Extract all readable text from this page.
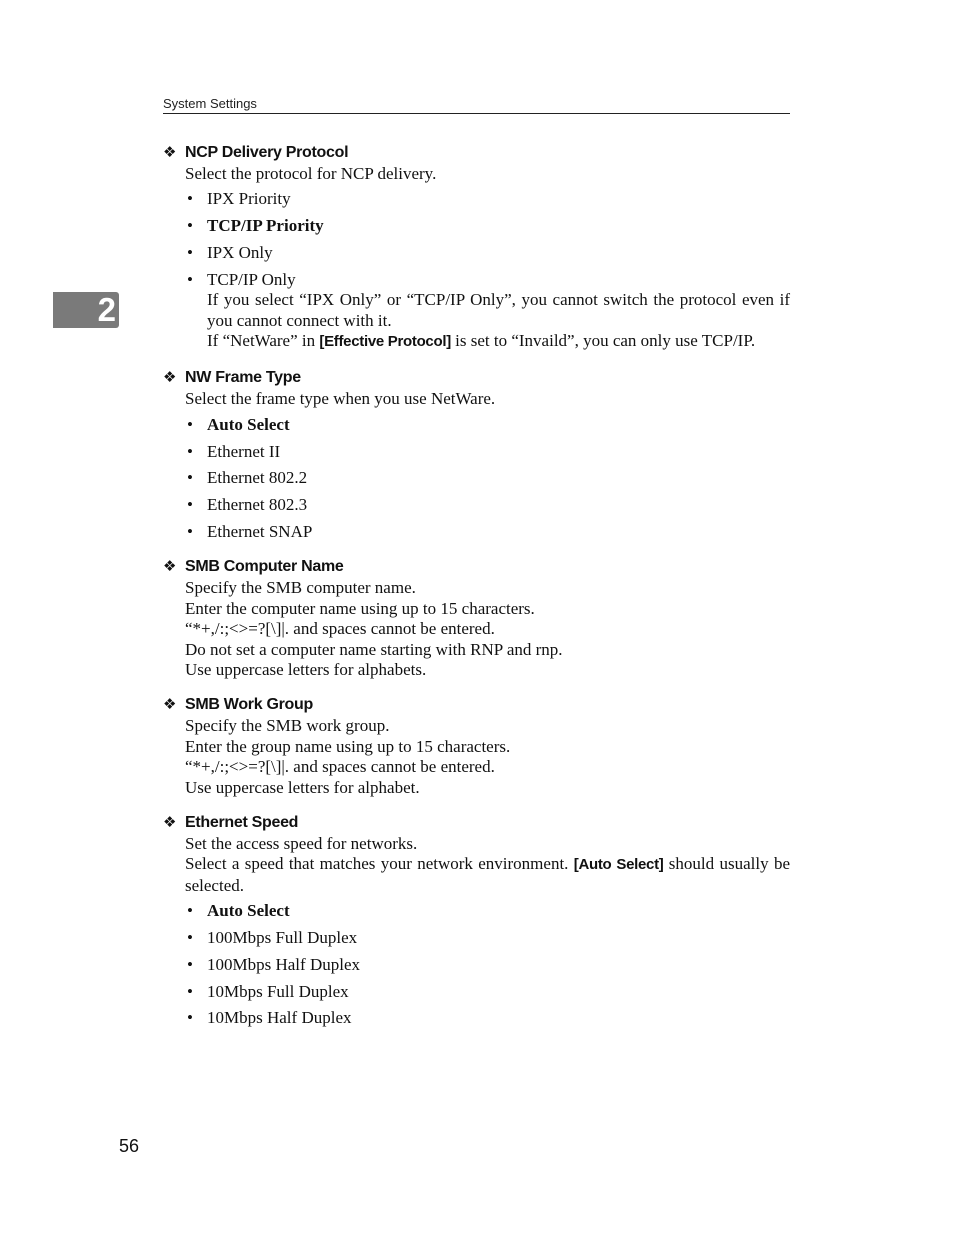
System Settings
2
❖ NCP Delivery Protocol

Select the protocol for NCP delivery.

• IPX Priority
• TCP/IP Priority
• IPX Only
• TCP/IP Only
If you select “IPX Only” or “TCP/IP Only”, you cannot switch the protocol even if you cannot connect with it.
If “NetWare” in [Effective Protocol] is set to “Invaild”, you can only use TCP/IP.
❖ NW Frame Type

Select the frame type when you use NetWare.

• Auto Select
• Ethernet II
• Ethernet 802.2
• Ethernet 802.3
• Ethernet SNAP
❖ SMB Computer Name

Specify the SMB computer name.

Enter the computer name using up to 15 characters.

“*+,/:;<>=?[\]|. and spaces cannot be entered.

Do not set a computer name starting with RNP and rnp.

Use uppercase letters for alphabets.

❖ SMB Work Group

Specify the SMB work group.

Enter the group name using up to 15 characters.

“*+,/:;<>=?[\]|. and spaces cannot be entered.

Use uppercase letters for alphabet.

❖ Ethernet Speed

Set the access speed for networks.

Select a speed that matches your network environment. [Auto Select] should usually be selected.

• Auto Select
• 100Mbps Full Duplex
• 100Mbps Half Duplex
• 10Mbps Full Duplex
• 10Mbps Half Duplex
56
